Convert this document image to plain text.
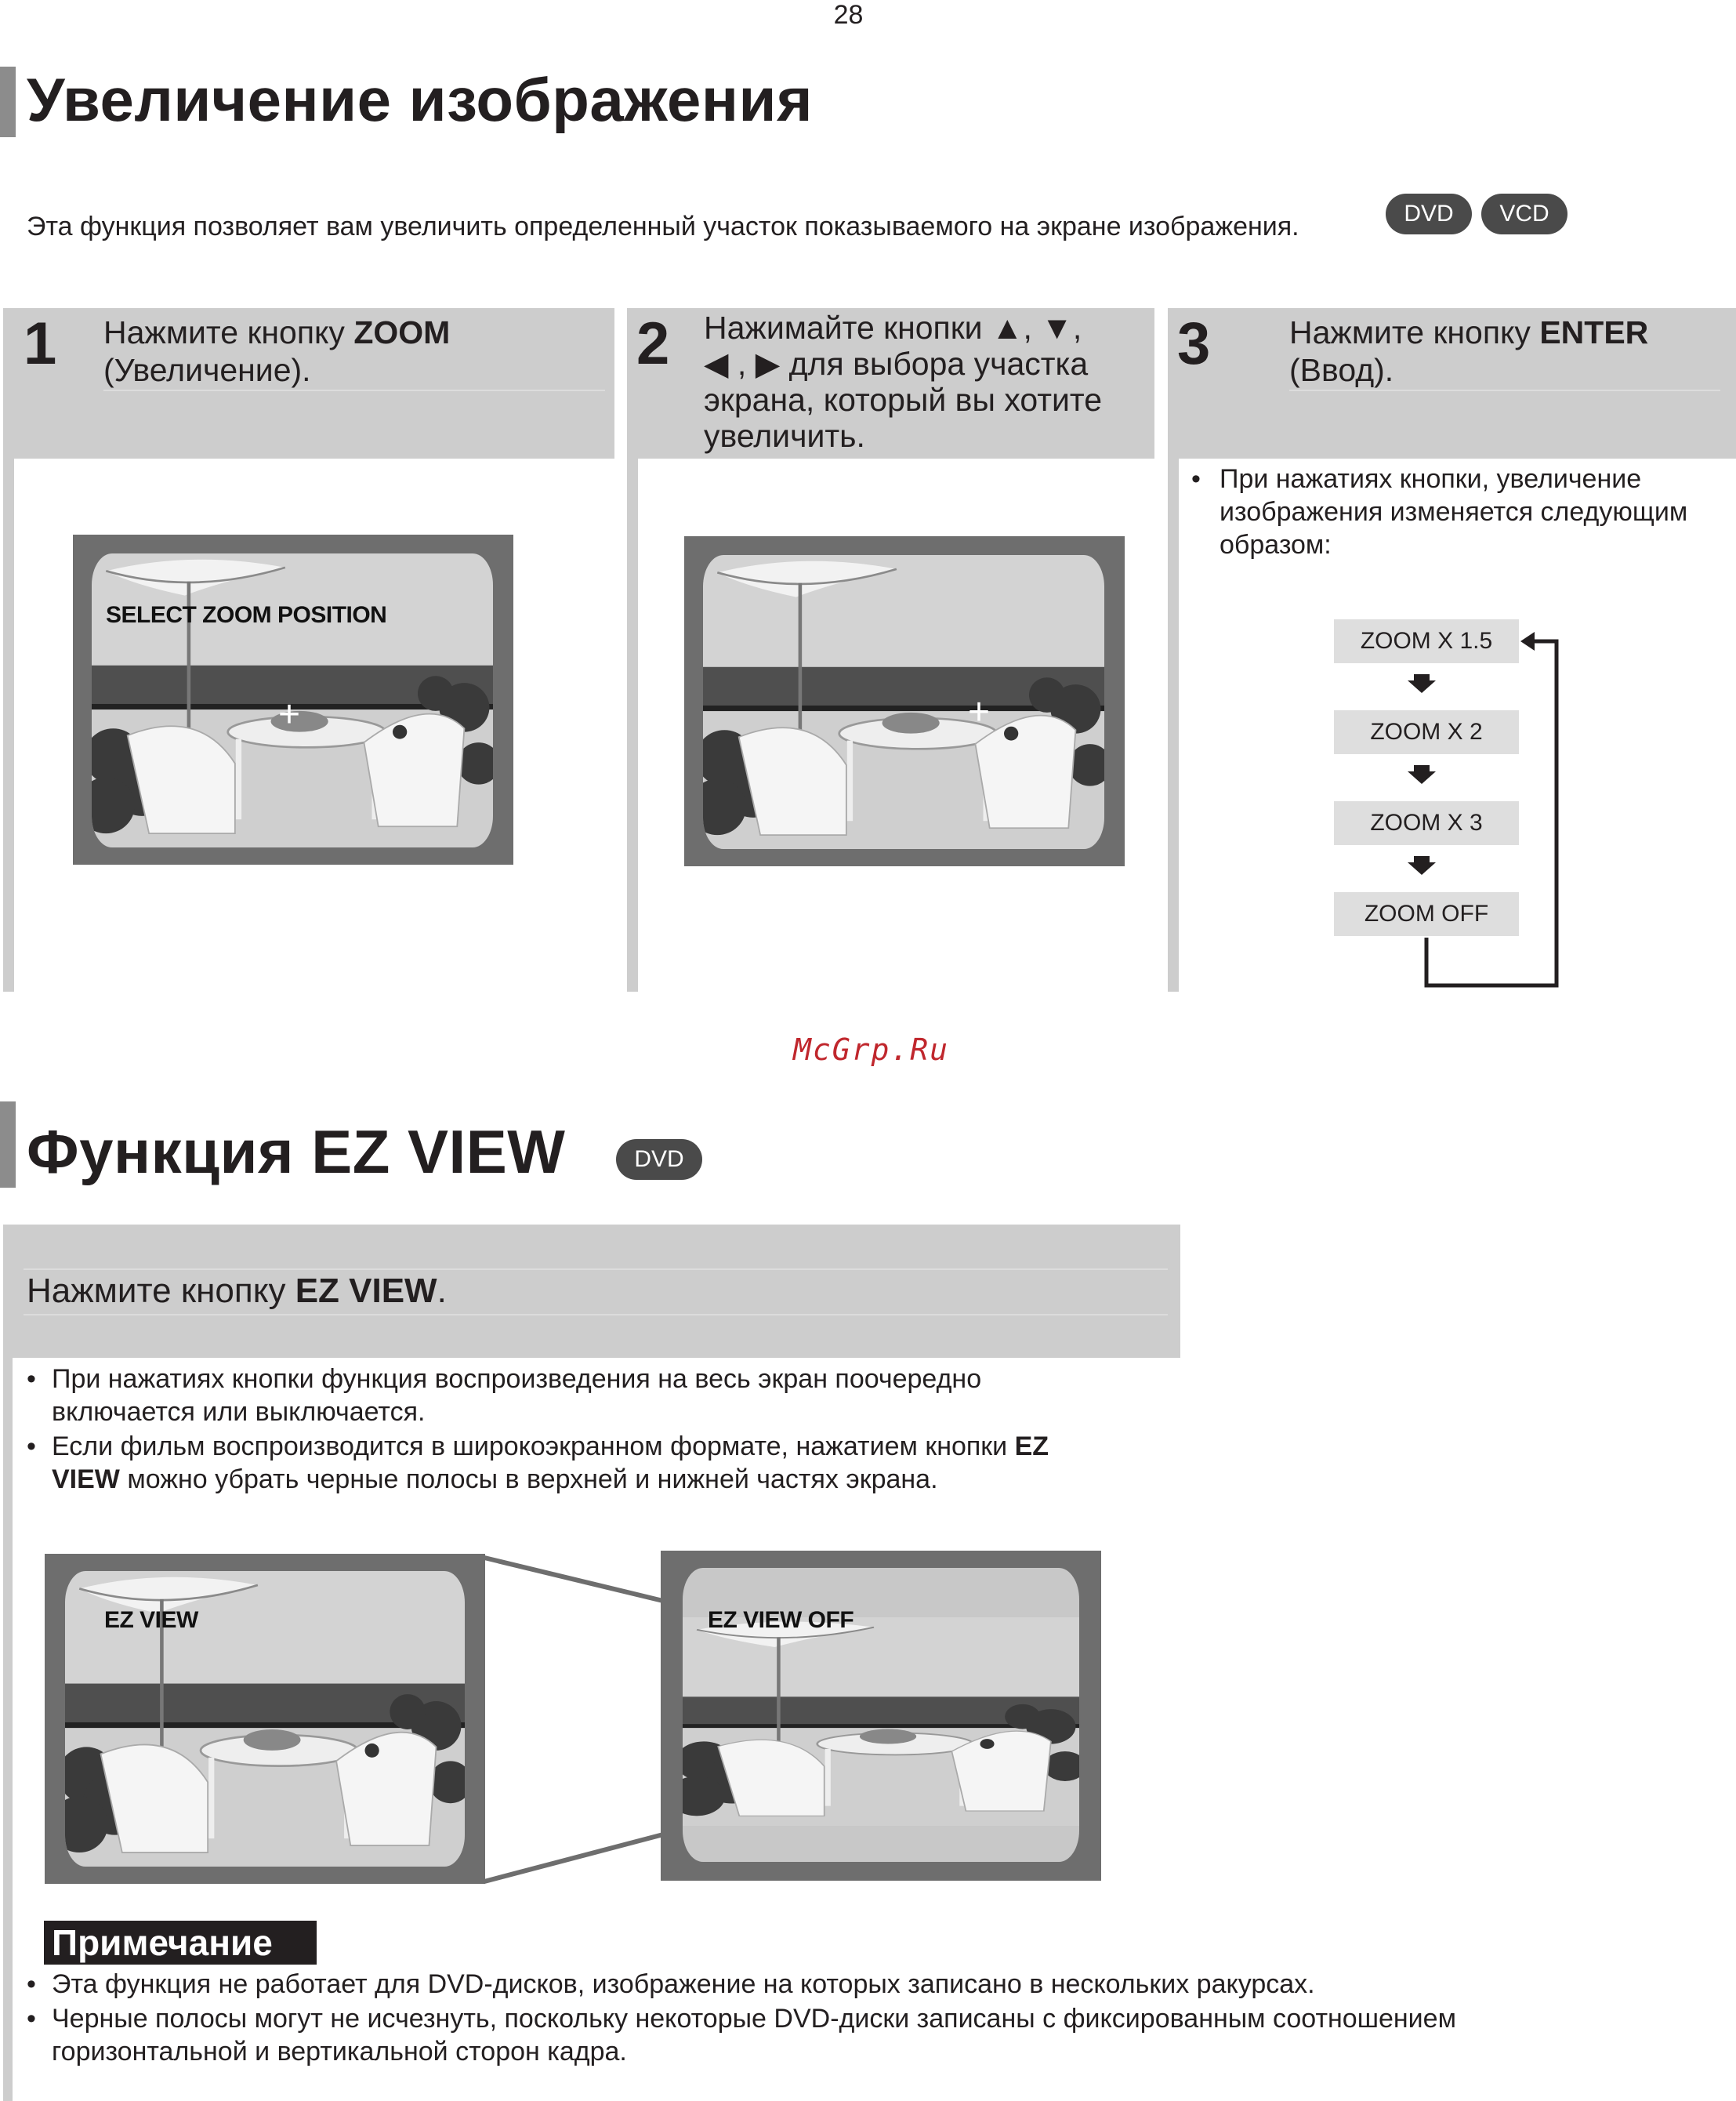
28
Увеличение изображения
Эта функция позволяет вам увеличить определенный участок показываемого на экране изображения.	DVD	VCD
1 Нажмите кнопку ZOOM
(Увеличение).
SELECT ZOOM POSITION
+
2 Нажимайте кнопки ▲, ▼,
◀ , ▶ для выбора участка
экрана, который вы хотите
увеличить.
+
3 Нажмите кнопку ENTER
(Ввод).
• При нажатиях кнопки, увеличение
изображения изменяется следующим
образом:
ZOOM X 1.5
ZOOM X 2
ZOOM X 3
ZOOM OFF
McGrp.Ru
Функция EZ VIEW	DVD
Нажмите кнопку EZ VIEW.
• При нажатиях кнопки функция воспроизведения на весь экран поочередно
включается или выключается.
• Если фильм воспроизводится в широкоэкранном формате, нажатием кнопки EZ
VIEW можно убрать черные полосы в верхней и нижней частях экрана.
EZ VIEW	EZ VIEW OFF
Примечание
• Эта функция не работает для DVD-дисков, изображение на которых записано в нескольких ракурсах.
• Черные полосы могут не исчезнуть, поскольку некоторые DVD-диски записаны с фиксированным соотношением
горизонтальной и вертикальной сторон кадра.
